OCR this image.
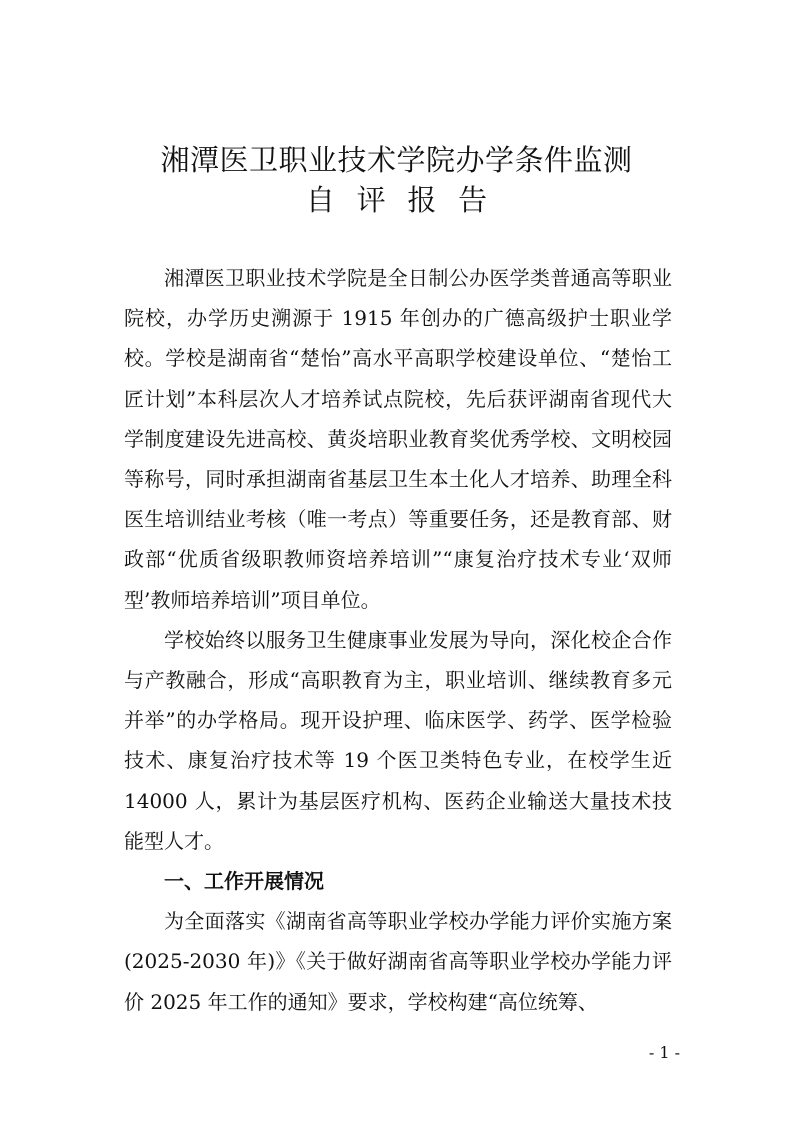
湘潭医卫职业技术学院办学条件监测
自评报告

湘潭医卫职业技术学院是全日制公办医学类普通高等职业院校，办学历史溯源于 1915 年创办的广德高级护士职业学校。学校是湖南省“楚怡”高水平高职学校建设单位、“楚怡工匠计划”本科层次人才培养试点院校，先后获评湖南省现代大学制度建设先进高校、黄炎培职业教育奖优秀学校、文明校园等称号，同时承担湖南省基层卫生本土化人才培养、助理全科医生培训结业考核（唯一考点）等重要任务，还是教育部、财政部“优质省级职教师资培养培训”“康复治疗技术专业‘双师型’教师培养培训”项目单位。

学校始终以服务卫生健康事业发展为导向，深化校企合作与产教融合，形成“高职教育为主，职业培训、继续教育多元并举”的办学格局。现开设护理、临床医学、药学、医学检验技术、康复治疗技术等 19 个医卫类特色专业，在校学生近 14000 人，累计为基层医疗机构、医药企业输送大量技术技能型人才。

一、工作开展情况

为全面落实《湖南省高等职业学校办学能力评价实施方案(2025-2030 年)》《关于做好湖南省高等职业学校办学能力评价 2025 年工作的通知》要求，学校构建“高位统筹、

- 1 -
